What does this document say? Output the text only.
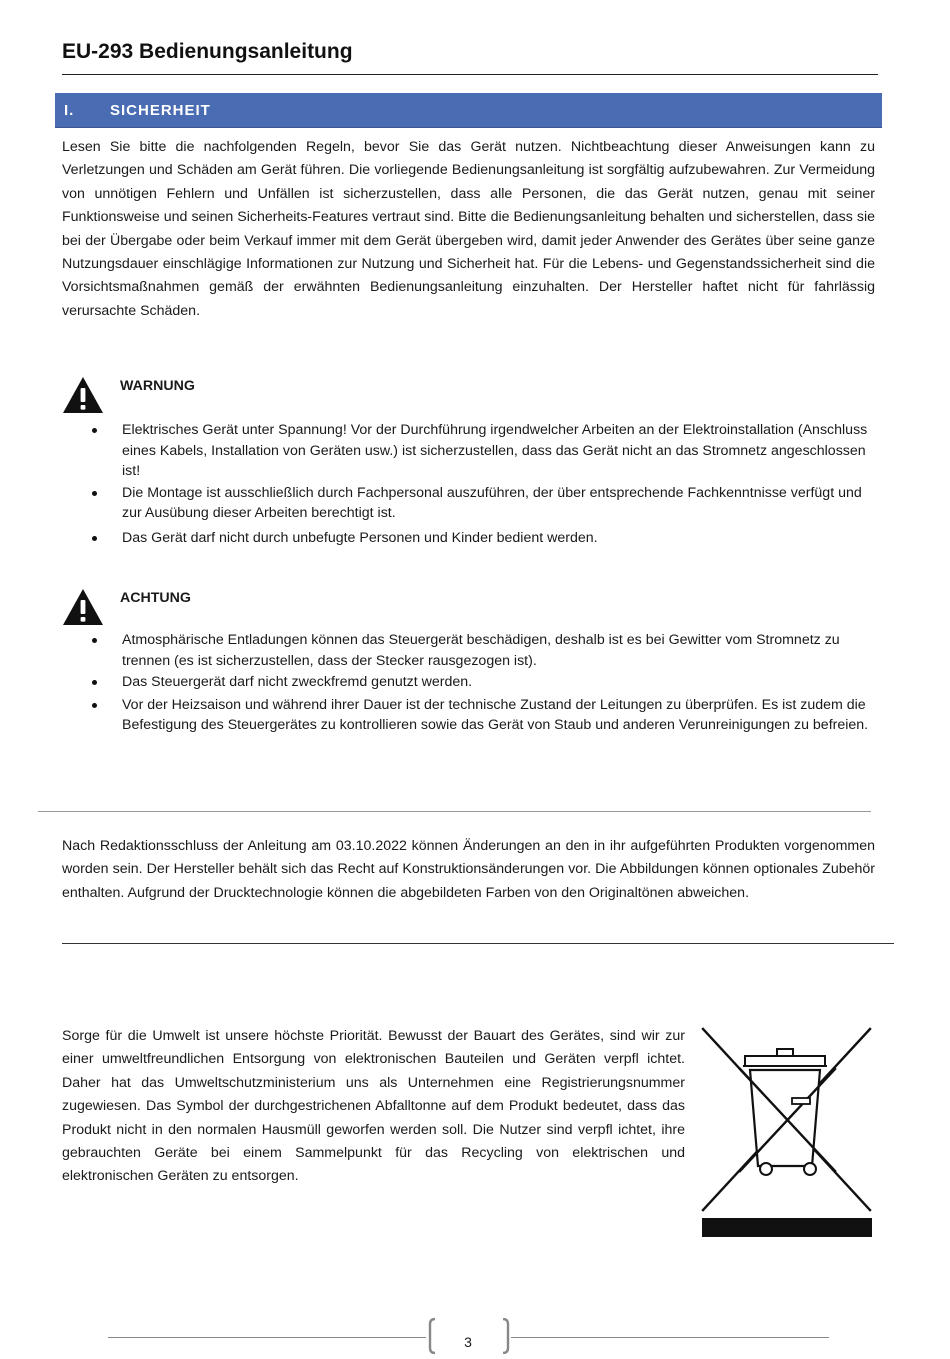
EU-293 Bedienungsanleitung
I.	SICHERHEIT

Lesen Sie bitte die nachfolgenden Regeln, bevor Sie das Gerät nutzen. Nichtbeachtung dieser Anweisungen kann zu Verletzungen und Schäden am Gerät führen. Die vorliegende Bedienungsanleitung ist sorgfältig aufzubewahren. Zur Vermeidung von unnötigen Fehlern und Unfällen ist sicherzustellen, dass alle Personen, die das Gerät nutzen, genau mit seiner Funktionsweise und seinen Sicherheits-Features vertraut sind. Bitte die Bedienungsanleitung behalten und sicherstellen, dass sie bei der Übergabe oder beim Verkauf immer mit dem Gerät übergeben wird, damit jeder Anwender des Gerätes über seine ganze Nutzungsdauer einschlägige Informationen zur Nutzung und Sicherheit hat. Für die Lebens- und Gegenstandssicherheit sind die Vorsichtsmaßnahmen gemäß der erwähnten Bedienungsanleitung einzuhalten. Der Hersteller haftet nicht für fahrlässig verursachte Schäden.

WARNUNG
Elektrisches Gerät unter Spannung! Vor der Durchführung irgendwelcher Arbeiten an der Elektroinstallation (Anschluss eines Kabels, Installation von Geräten usw.) ist sicherzustellen, dass das Gerät nicht an das Stromnetz angeschlossen ist!
Die Montage ist ausschließlich durch Fachpersonal auszuführen, der über entsprechende Fachkenntnisse verfügt und zur Ausübung dieser Arbeiten berechtigt ist.
Das Gerät darf nicht durch unbefugte Personen und Kinder bedient werden.
ACHTUNG
Atmosphärische Entladungen können das Steuergerät beschädigen, deshalb ist es bei Gewitter vom Stromnetz zu trennen (es ist sicherzustellen, dass der Stecker rausgezogen ist).
Das Steuergerät darf nicht zweckfremd genutzt werden.
Vor der Heizsaison und während ihrer Dauer ist der technische Zustand der Leitungen zu überprüfen. Es ist zudem die Befestigung des Steuergerätes zu kontrollieren sowie das Gerät von Staub und anderen Verunreinigungen zu befreien.

Nach Redaktionsschluss der Anleitung am 03.10.2022 können Änderungen an den in ihr aufgeführten Produkten vorgenommen worden sein. Der Hersteller behält sich das Recht auf Konstruktionsänderungen vor. Die Abbildungen können optionales Zubehör enthalten. Aufgrund der Drucktechnologie können die abgebildeten Farben von den Originaltönen abweichen.

Sorge für die Umwelt ist unsere höchste Priorität. Bewusst der Bauart des Gerätes, sind wir zur einer umweltfreundlichen Entsorgung von elektronischen Bauteilen und Geräten verpfl ichtet. Daher hat das Umweltschutzministerium uns als Unternehmen eine Registrierungsnummer zugewiesen. Das Symbol der durchgestrichenen Abfalltonne auf dem Produkt bedeutet, dass das Produkt nicht in den normalen Hausmüll geworfen werden soll. Die Nutzer sind verpfl ichtet, ihre gebrauchten Geräte bei einem Sammelpunkt für das Recycling von elektrischen und elektronischen Geräten zu entsorgen.

3
